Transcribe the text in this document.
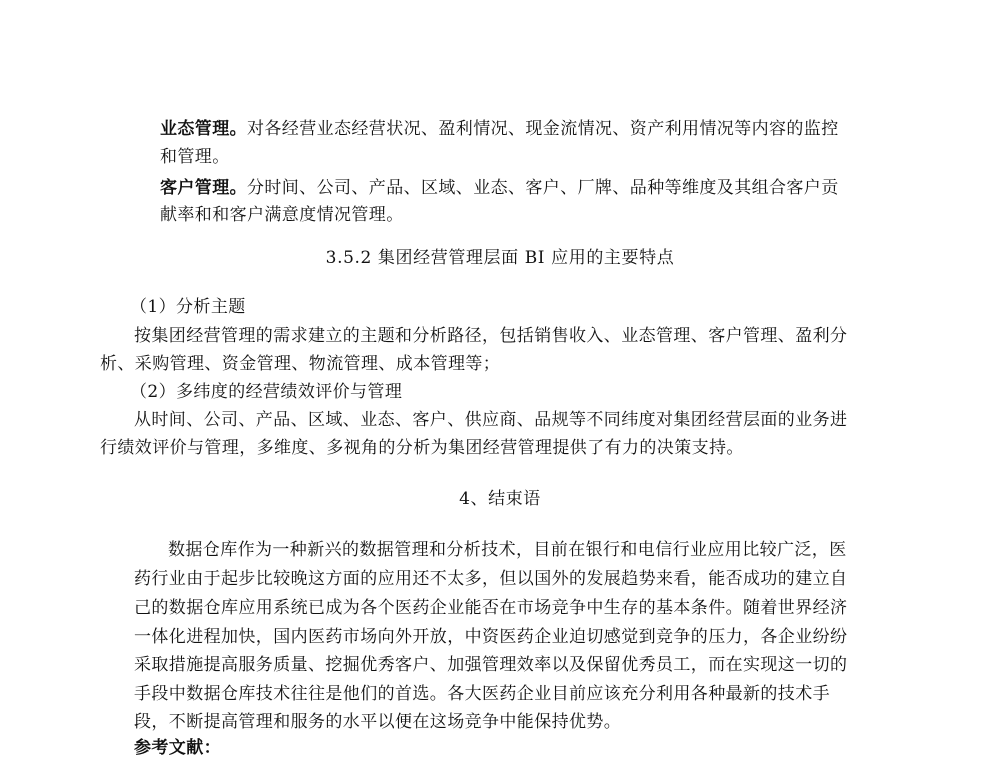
业态管理。对各经营业态经营状况、盈利情况、现金流情况、资产利用情况等内容的监控
和管理。
客户管理。分时间、公司、产品、区域、业态、客户、厂牌、品种等维度及其组合客户贡
献率和和客户满意度情况管理。
3.5.2 集团经营管理层面 BI 应用的主要特点
（1）分析主题
按集团经营管理的需求建立的主题和分析路径，包括销售收入、业态管理、客户管理、盈利分
析、采购管理、资金管理、物流管理、成本管理等；
（2）多纬度的经营绩效评价与管理
从时间、公司、产品、区域、业态、客户、供应商、品规等不同纬度对集团经营层面的业务进
行绩效评价与管理，多维度、多视角的分析为集团经营管理提供了有力的决策支持。
4、结束语
数据仓库作为一种新兴的数据管理和分析技术，目前在银行和电信行业应用比较广泛，医
药行业由于起步比较晚这方面的应用还不太多，但以国外的发展趋势来看，能否成功的建立自
己的数据仓库应用系统已成为各个医药企业能否在市场竞争中生存的基本条件。随着世界经济
一体化进程加快，国内医药市场向外开放，中资医药企业迫切感觉到竞争的压力，各企业纷纷
采取措施提高服务质量、挖掘优秀客户、加强管理效率以及保留优秀员工，而在实现这一切的
手段中数据仓库技术往往是他们的首选。各大医药企业目前应该充分利用各种最新的技术手
段，不断提高管理和服务的水平以便在这场竞争中能保持优势。
参考文献：
